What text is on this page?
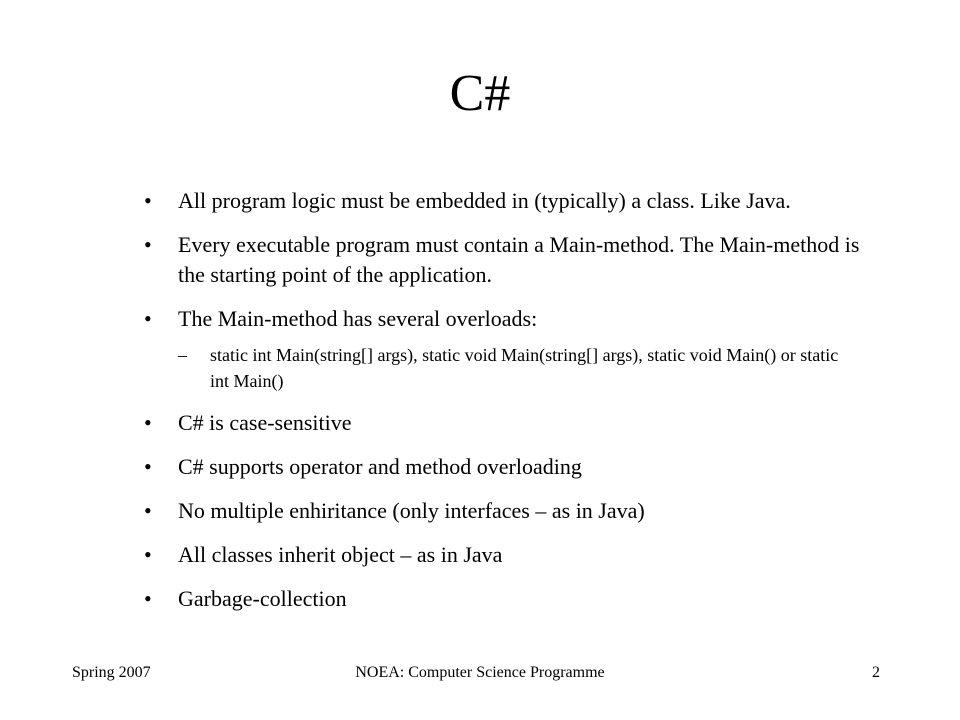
C#
• All program logic must be embedded in (typically) a class. Like Java.
• Every executable program must contain a Main-method. The Main-method is the starting point of the application.
• The Main-method has several overloads:
– static int Main(string[] args), static void Main(string[] args), static void Main() or static int Main()
• C# is case-sensitive
• C# supports operator and method overloading
• No multiple enhiritance (only interfaces – as in Java)
• All classes inherit object – as in Java
• Garbage-collection
Spring 2007	NOEA: Computer Science Programme	2
